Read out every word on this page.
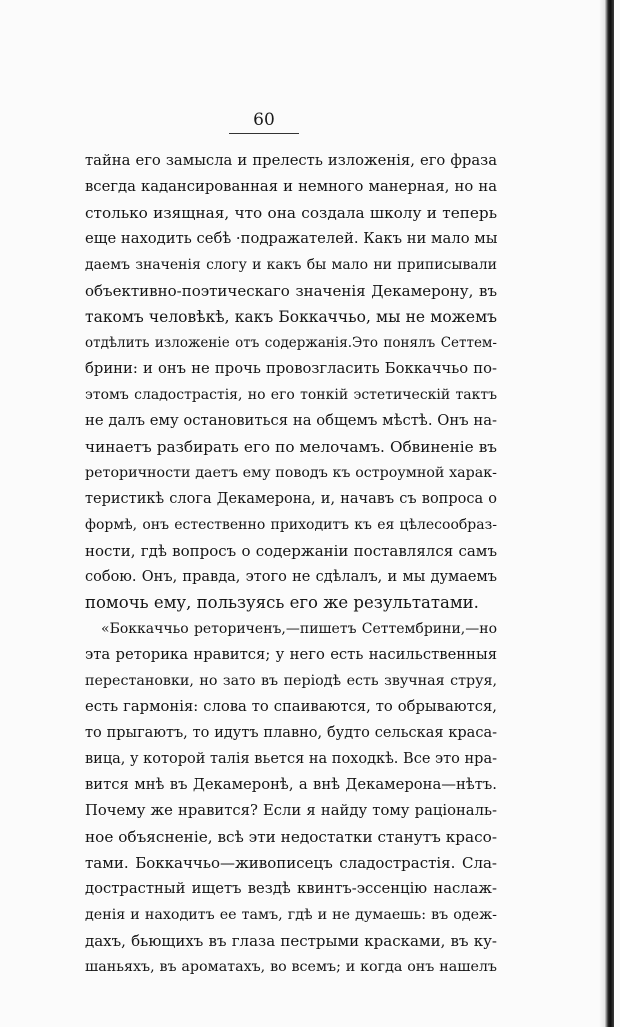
60
тайна его замысла и прелесть изложенія, его фраза
всегда кадансированная и немного манерная, но на
столько изящная, что она создала школу и теперь
еще находить себѣ ·подражателей. Какъ ни мало мы
даемъ значенія слогу и какъ бы мало ни приписывали
объективно-поэтическаго значенія Декамерону, въ
такомъ человѣкѣ, какъ Боккаччьо, мы не можемъ
отдѣлить изложеніе отъ содержанія.Это понялъ Сеттем-
брини: и онъ не прочь провозгласить Боккаччьо по-
этомъ сладострастія, но его тонкій эстетическій тактъ
не далъ ему остановиться на общемъ мѣстѣ. Онъ на-
чинаетъ разбирать его по мелочамъ. Обвиненіе въ
реторичности даетъ ему поводъ къ остроумной харак-
теристикѣ слога Декамерона, и, начавъ съ вопроса о
формѣ, онъ естественно приходитъ къ ея цѣлесообраз-
ности, гдѣ вопросъ о содержаніи поставлялся самъ
собою. Онъ, правда, этого не сдѣлалъ, и мы думаемъ
помочь ему, пользуясь его же результатами.
«Боккаччьо реториченъ,—пишетъ Сеттембрини,—но
эта реторика нравится; у него есть насильственныя
перестановки, но зато въ періодѣ есть звучная струя,
есть гармонія: слова то спаиваются, то обрываются,
то прыгаютъ, то идутъ плавно, будто сельская краса-
вица, у которой талія вьется на походкѣ. Все это нра-
вится мнѣ въ Декамеронѣ, а внѣ Декамерона—нѣтъ.
Почему же нравится? Если я найду тому раціональ-
ное объясненіе, всѣ эти недостатки станутъ красо-
тами. Боккаччьо—живописецъ сладострастія. Сла-
дострастный ищетъ вездѣ квинтъ-эссенцію наслаж-
денія и находитъ ее тамъ, гдѣ и не думаешь: въ одеж-
дахъ, бьющихъ въ глаза пестрыми красками, въ ку-
шаньяхъ, въ ароматахъ, во всемъ; и когда онъ нашелъ
